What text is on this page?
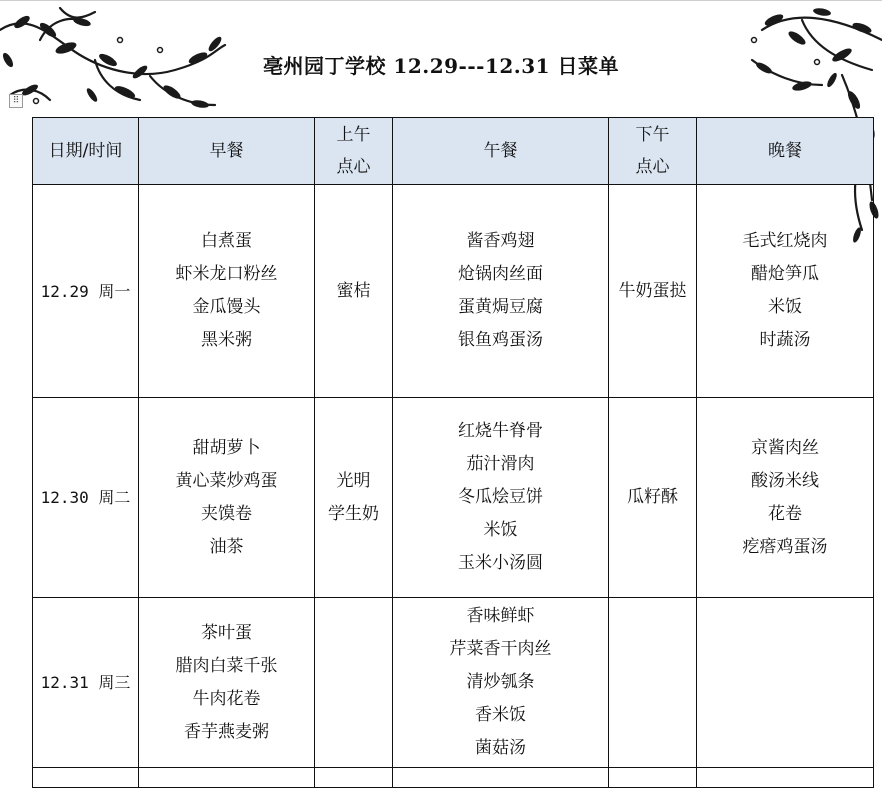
⠿
亳州园丁学校 12.29---12.31 日菜单
日期/时间	早餐	上午
点心	午餐	下午
点心	晚餐

12.29 周一	白煮蛋
虾米龙口粉丝
金瓜馒头
黑米粥	蜜桔	酱香鸡翅
炝锅肉丝面
蛋黄焗豆腐
银鱼鸡蛋汤	牛奶蛋挞	毛式红烧肉
醋炝笋瓜
米饭
时蔬汤

12.30 周二	甜胡萝卜
黄心菜炒鸡蛋
夹馍卷
油茶	光明
学生奶	红烧牛脊骨
茄汁滑肉
冬瓜烩豆饼
米饭
玉米小汤圆	瓜籽酥	京酱肉丝
酸汤米线
花卷
疙瘩鸡蛋汤

12.31 周三	茶叶蛋
腊肉白菜千张
牛肉花卷
香芋燕麦粥		香味鲜虾
芹菜香干肉丝
清炒瓠条
香米饭
菌菇汤		
